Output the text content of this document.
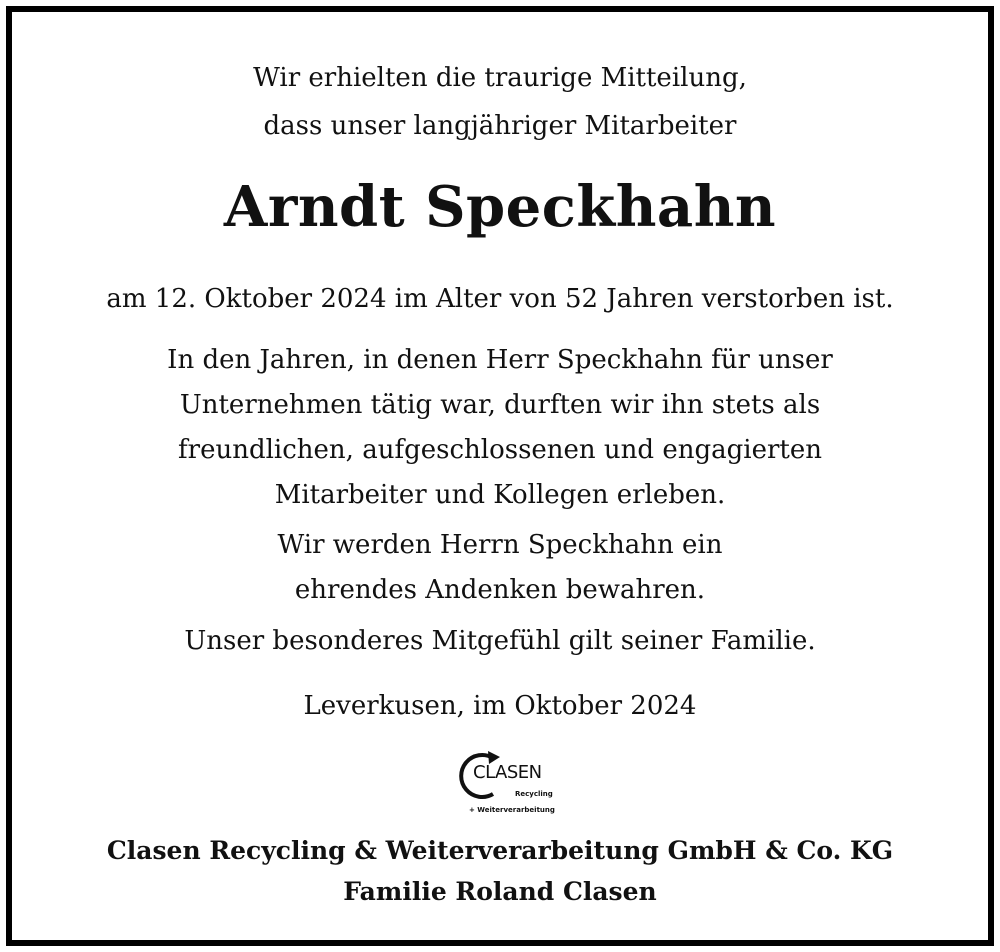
Wir erhielten die traurige Mitteilung,
dass unser langjähriger Mitarbeiter
Arndt Speckhahn
am 12. Oktober 2024 im Alter von 52 Jahren verstorben ist.
In den Jahren, in denen Herr Speckhahn für unser
Unternehmen tätig war, durften wir ihn stets als
freundlichen, aufgeschlossenen und engagierten
Mitarbeiter und Kollegen erleben.
Wir werden Herrn Speckhahn ein
ehrendes Andenken bewahren.
Unser besonderes Mitgefühl gilt seiner Familie.
Leverkusen, im Oktober 2024
CLASEN
Recycling
+ Weiterverarbeitung
Clasen Recycling & Weiterverarbeitung GmbH & Co. KG
Familie Roland Clasen
